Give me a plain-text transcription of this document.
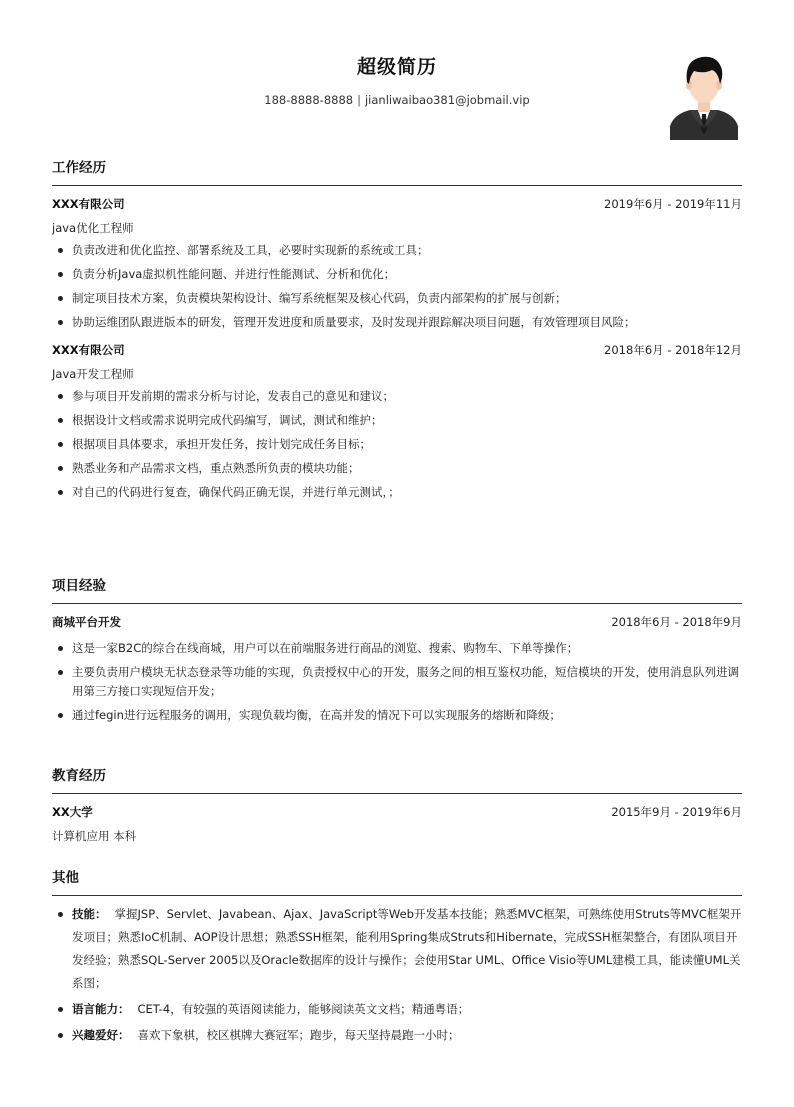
超级简历
188-8888-8888 | jianliwaibao381@jobmail.vip
工作经历
XXX有限公司	2019年6月 - 2019年11月
java优化工程师
负责改进和优化监控、部署系统及工具，必要时实现新的系统或工具；
负责分析Java虚拟机性能问题、并进行性能测试、分析和优化；
制定项目技术方案，负责模块架构设计、编写系统框架及核心代码，负责内部架构的扩展与创新；
协助运维团队跟进版本的研发，管理开发进度和质量要求，及时发现并跟踪解决项目问题，有效管理项目风险；
XXX有限公司	2018年6月 - 2018年12月
Java开发工程师
参与项目开发前期的需求分析与讨论，发表自己的意见和建议；
根据设计文档或需求说明完成代码编写，调试，测试和维护；
根据项目具体要求，承担开发任务，按计划完成任务目标；
熟悉业务和产品需求文档，重点熟悉所负责的模块功能；
对自己的代码进行复查，确保代码正确无误，并进行单元测试，；
项目经验
商城平台开发	2018年6月 - 2018年9月
这是一家B2C的综合在线商城，用户可以在前端服务进行商品的浏览、搜索、购物车、下单等操作；
主要负责用户模块无状态登录等功能的实现，负责授权中心的开发，服务之间的相互鉴权功能，短信模块的开发，使用消息队列进调用第三方接口实现短信开发；
通过fegin进行远程服务的调用，实现负载均衡，在高并发的情况下可以实现服务的熔断和降级；
教育经历
XX大学	2015年9月 - 2019年6月
计算机应用 本科
其他
技能： 掌握JSP、Servlet、Javabean、Ajax、JavaScript等Web开发基本技能；熟悉MVC框架，可熟练使用Struts等MVC框架开发项目；熟悉IoC机制、AOP设计思想；熟悉SSH框架，能利用Spring集成Struts和Hibernate，完成SSH框架整合，有团队项目开发经验；熟悉SQL-Server 2005以及Oracle数据库的设计与操作；会使用Star UML、Office Visio等UML建模工具，能读懂UML关系图；
语言能力： CET-4，有较强的英语阅读能力，能够阅读英文文档；精通粤语；
兴趣爱好： 喜欢下象棋，校区棋牌大赛冠军；跑步，每天坚持晨跑一小时；
